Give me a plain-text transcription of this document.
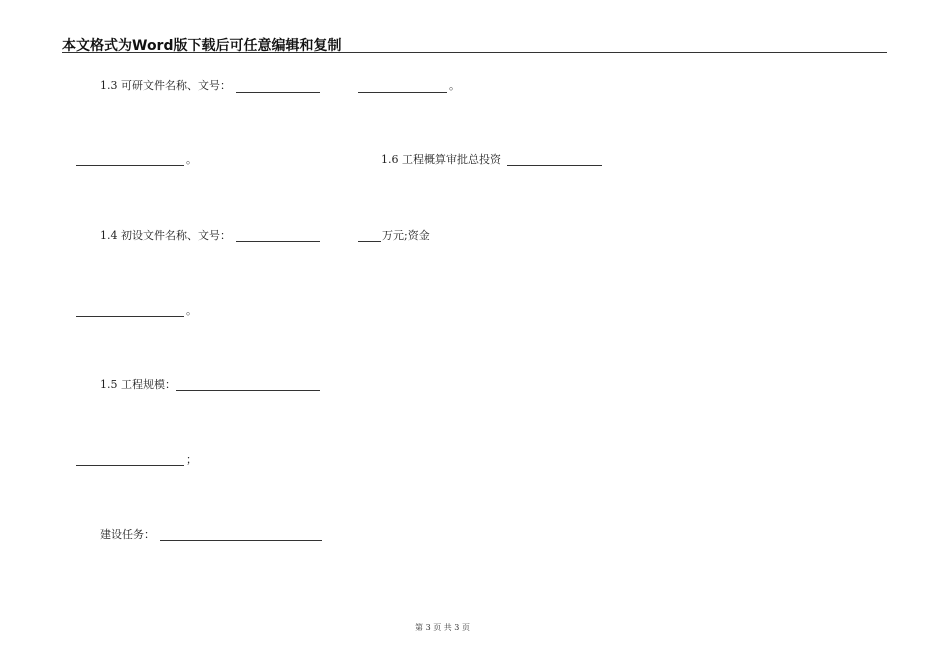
本文格式为Word版下载后可任意编辑和复制
1.3 可研文件名称、文号：	。
。	1.6 工程概算审批总投资
1.4 初设文件名称、文号：	万元;资金
。
1.5 工程规模：
；
建设任务：
第 3 页 共 3 页
